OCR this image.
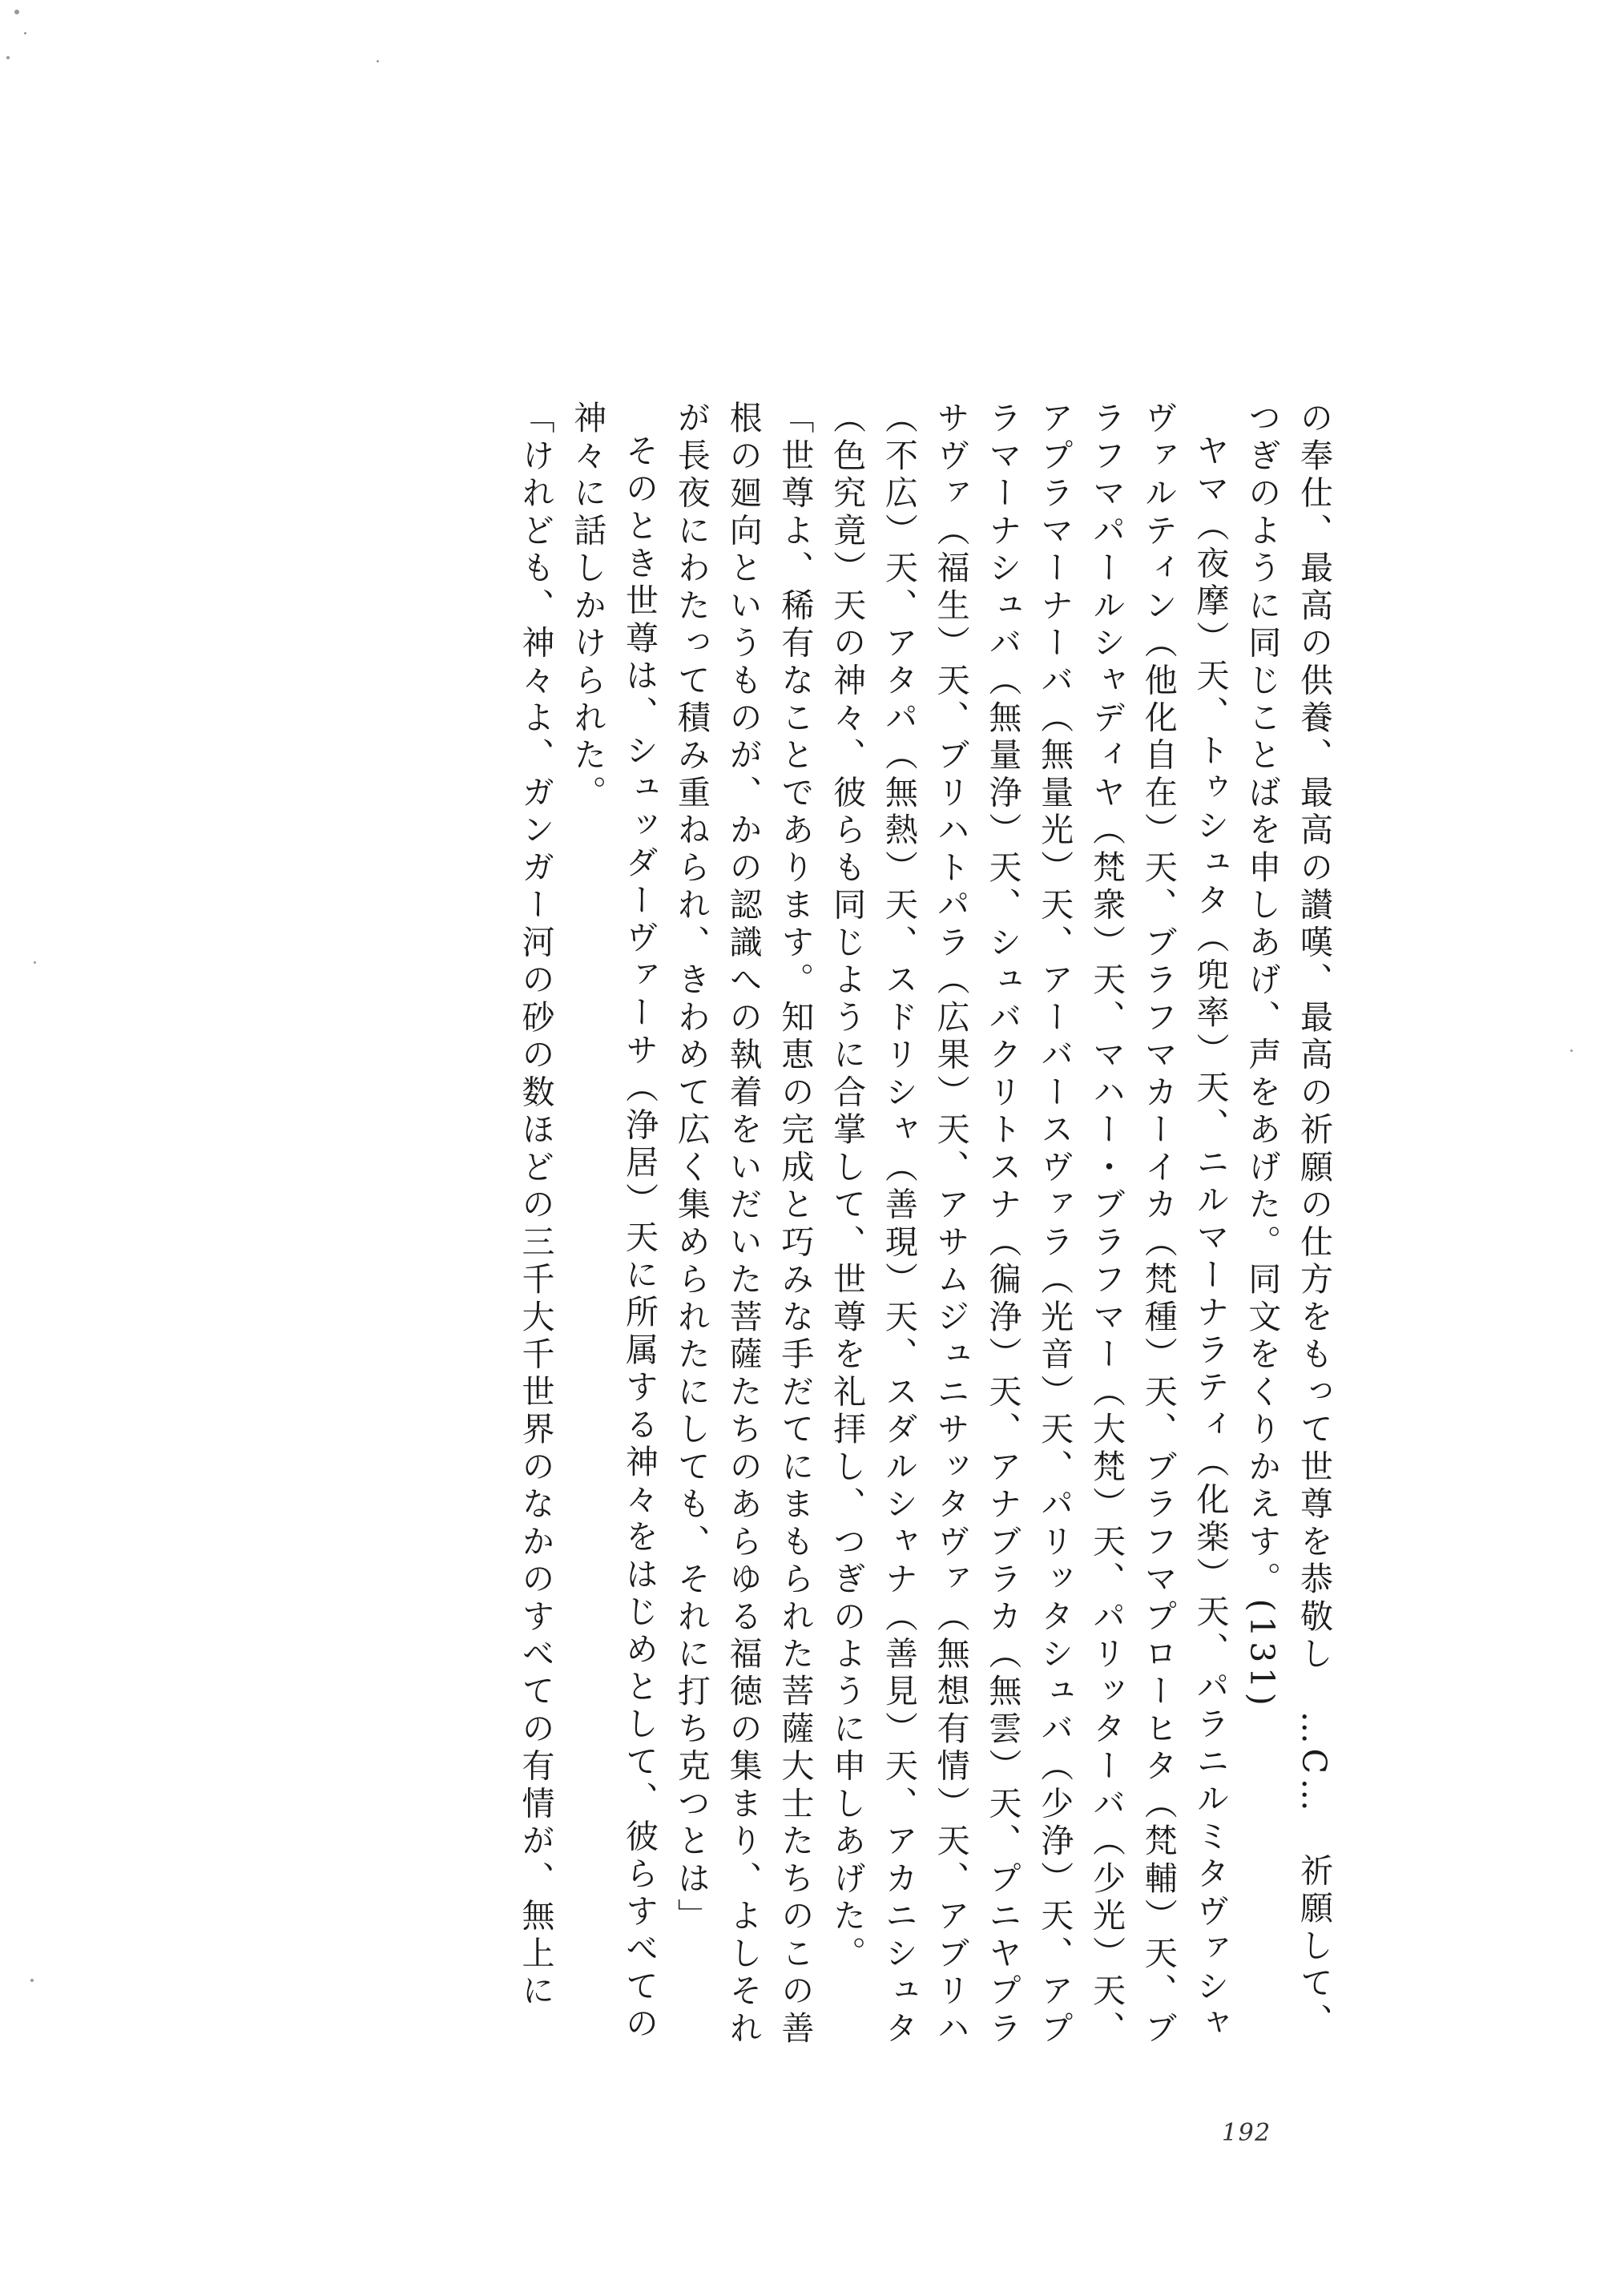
の奉仕、最高の供養、最高の讃嘆、最高の祈願の仕方をもって世尊を恭敬し　…C…　祈願して、つぎのように同じことばを申しあげ、声をあげた。同文をくりかえす。(131)

ヤマ（夜摩）天、トゥシュタ（兜率）天、ニルマーナラティ（化楽）天、パラニルミタヴァシャヴァルティン（他化自在）天、ブラフマカーイカ（梵種）天、ブラフマプローヒタ（梵輔）天、ブラフマパールシャディヤ（梵衆）天、マハー・ブラフマー（大梵）天、パリッターバ（少光）天、アプラマーナーバ（無量光）天、アーバースヴァラ（光音）天、パリッタシュバ（少浄）天、アプラマーナシュバ（無量浄）天、シュバクリトスナ（徧浄）天、アナブラカ（無雲）天、プニヤプラサヴァ（福生）天、ブリハトパラ（広果）天、アサムジュニサッタヴァ（無想有情）天、アブリハ（不広）天、アタパ（無熱）天、スドリシャ（善現）天、スダルシャナ（善見）天、アカニシュタ（色究竟）天の神々、彼らも同じように合掌して、世尊を礼拝し、つぎのように申しあげた。

「世尊よ、稀有なことであります。知恵の完成と巧みな手だてにまもられた菩薩大士たちのこの善根の廻向というものが、かの認識への執着をいだいた菩薩たちのあらゆる福徳の集まり、よしそれが長夜にわたって積み重ねられ、きわめて広く集められたにしても、それに打ち克つとは」

そのとき世尊は、シュッダーヴァーサ（浄居）天に所属する神々をはじめとして、彼らすべての神々に話しかけられた。

「けれども、神々よ、ガンガー河の砂の数ほどの三千大千世界のなかのすべての有情が、無上に

192
